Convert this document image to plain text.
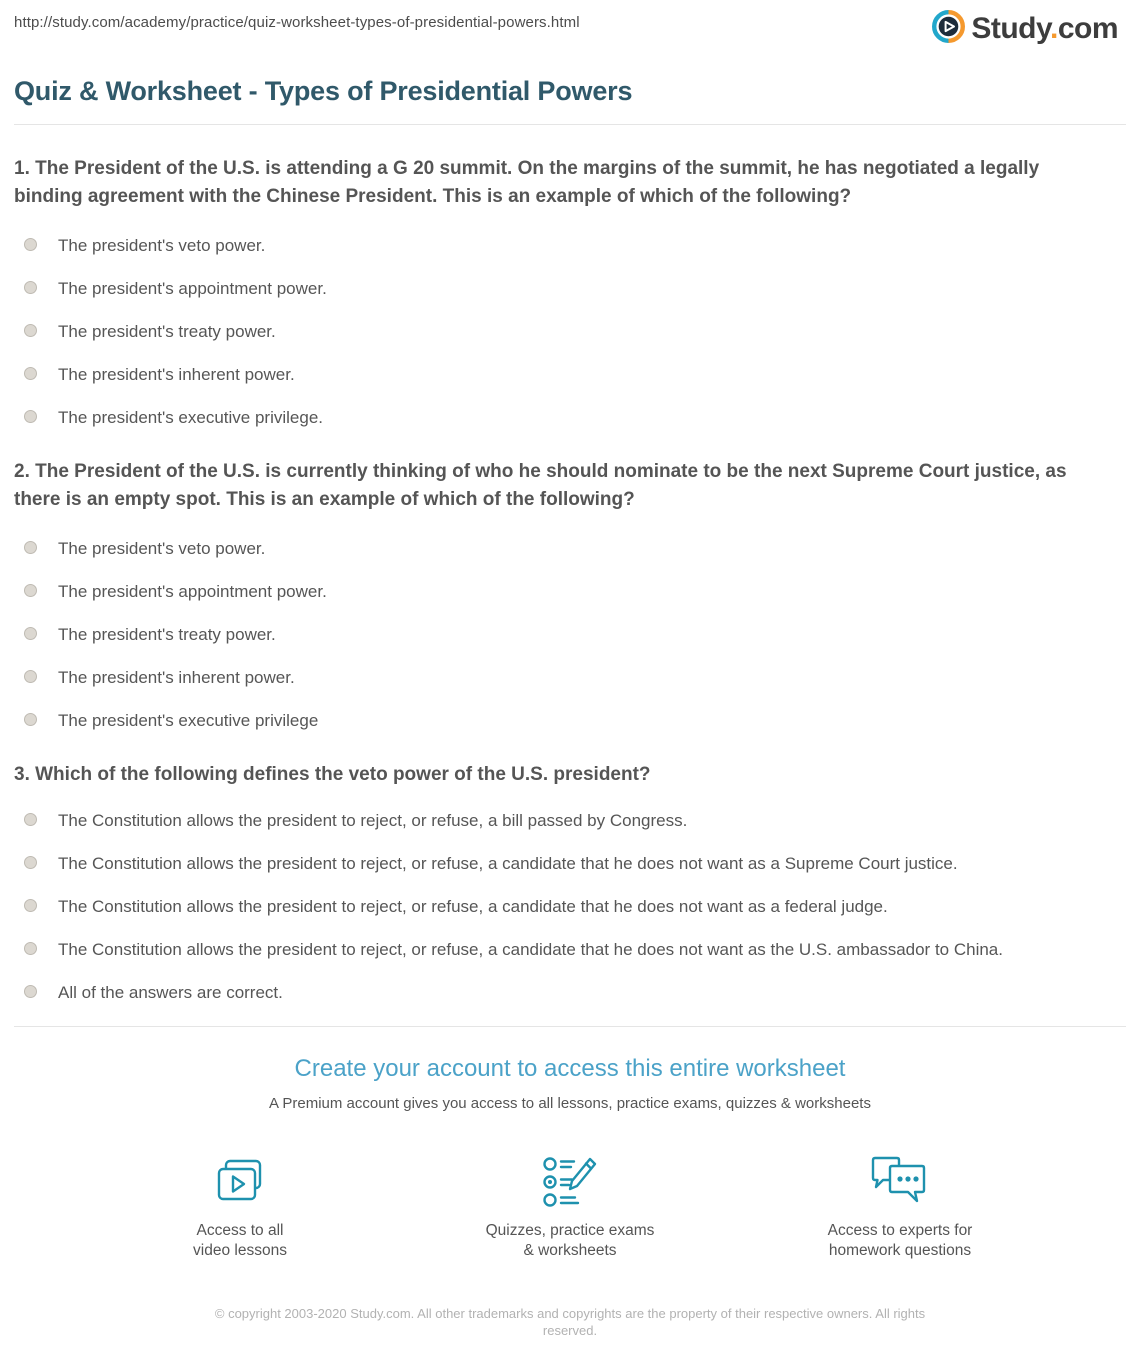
http://study.com/academy/practice/quiz-worksheet-types-of-presidential-powers.html	Study.com
Quiz & Worksheet - Types of Presidential Powers
1. The President of the U.S. is attending a G 20 summit. On the margins of the summit, he has negotiated a legally binding agreement with the Chinese President. This is an example of which of the following?
The president's veto power.
The president's appointment power.
The president's treaty power.
The president's inherent power.
The president's executive privilege.
2. The President of the U.S. is currently thinking of who he should nominate to be the next Supreme Court justice, as there is an empty spot. This is an example of which of the following?
The president's veto power.
The president's appointment power.
The president's treaty power.
The president's inherent power.
The president's executive privilege
3. Which of the following defines the veto power of the U.S. president?
The Constitution allows the president to reject, or refuse, a bill passed by Congress.
The Constitution allows the president to reject, or refuse, a candidate that he does not want as a Supreme Court justice.
The Constitution allows the president to reject, or refuse, a candidate that he does not want as a federal judge.
The Constitution allows the president to reject, or refuse, a candidate that he does not want as the U.S. ambassador to China.
All of the answers are correct.
Create your account to access this entire worksheet
A Premium account gives you access to all lessons, practice exams, quizzes & worksheets
Access to all
video lessons
Quizzes, practice exams
& worksheets
Access to experts for
homework questions
© copyright 2003-2020 Study.com. All other trademarks and copyrights are the property of their respective owners. All rights reserved.
